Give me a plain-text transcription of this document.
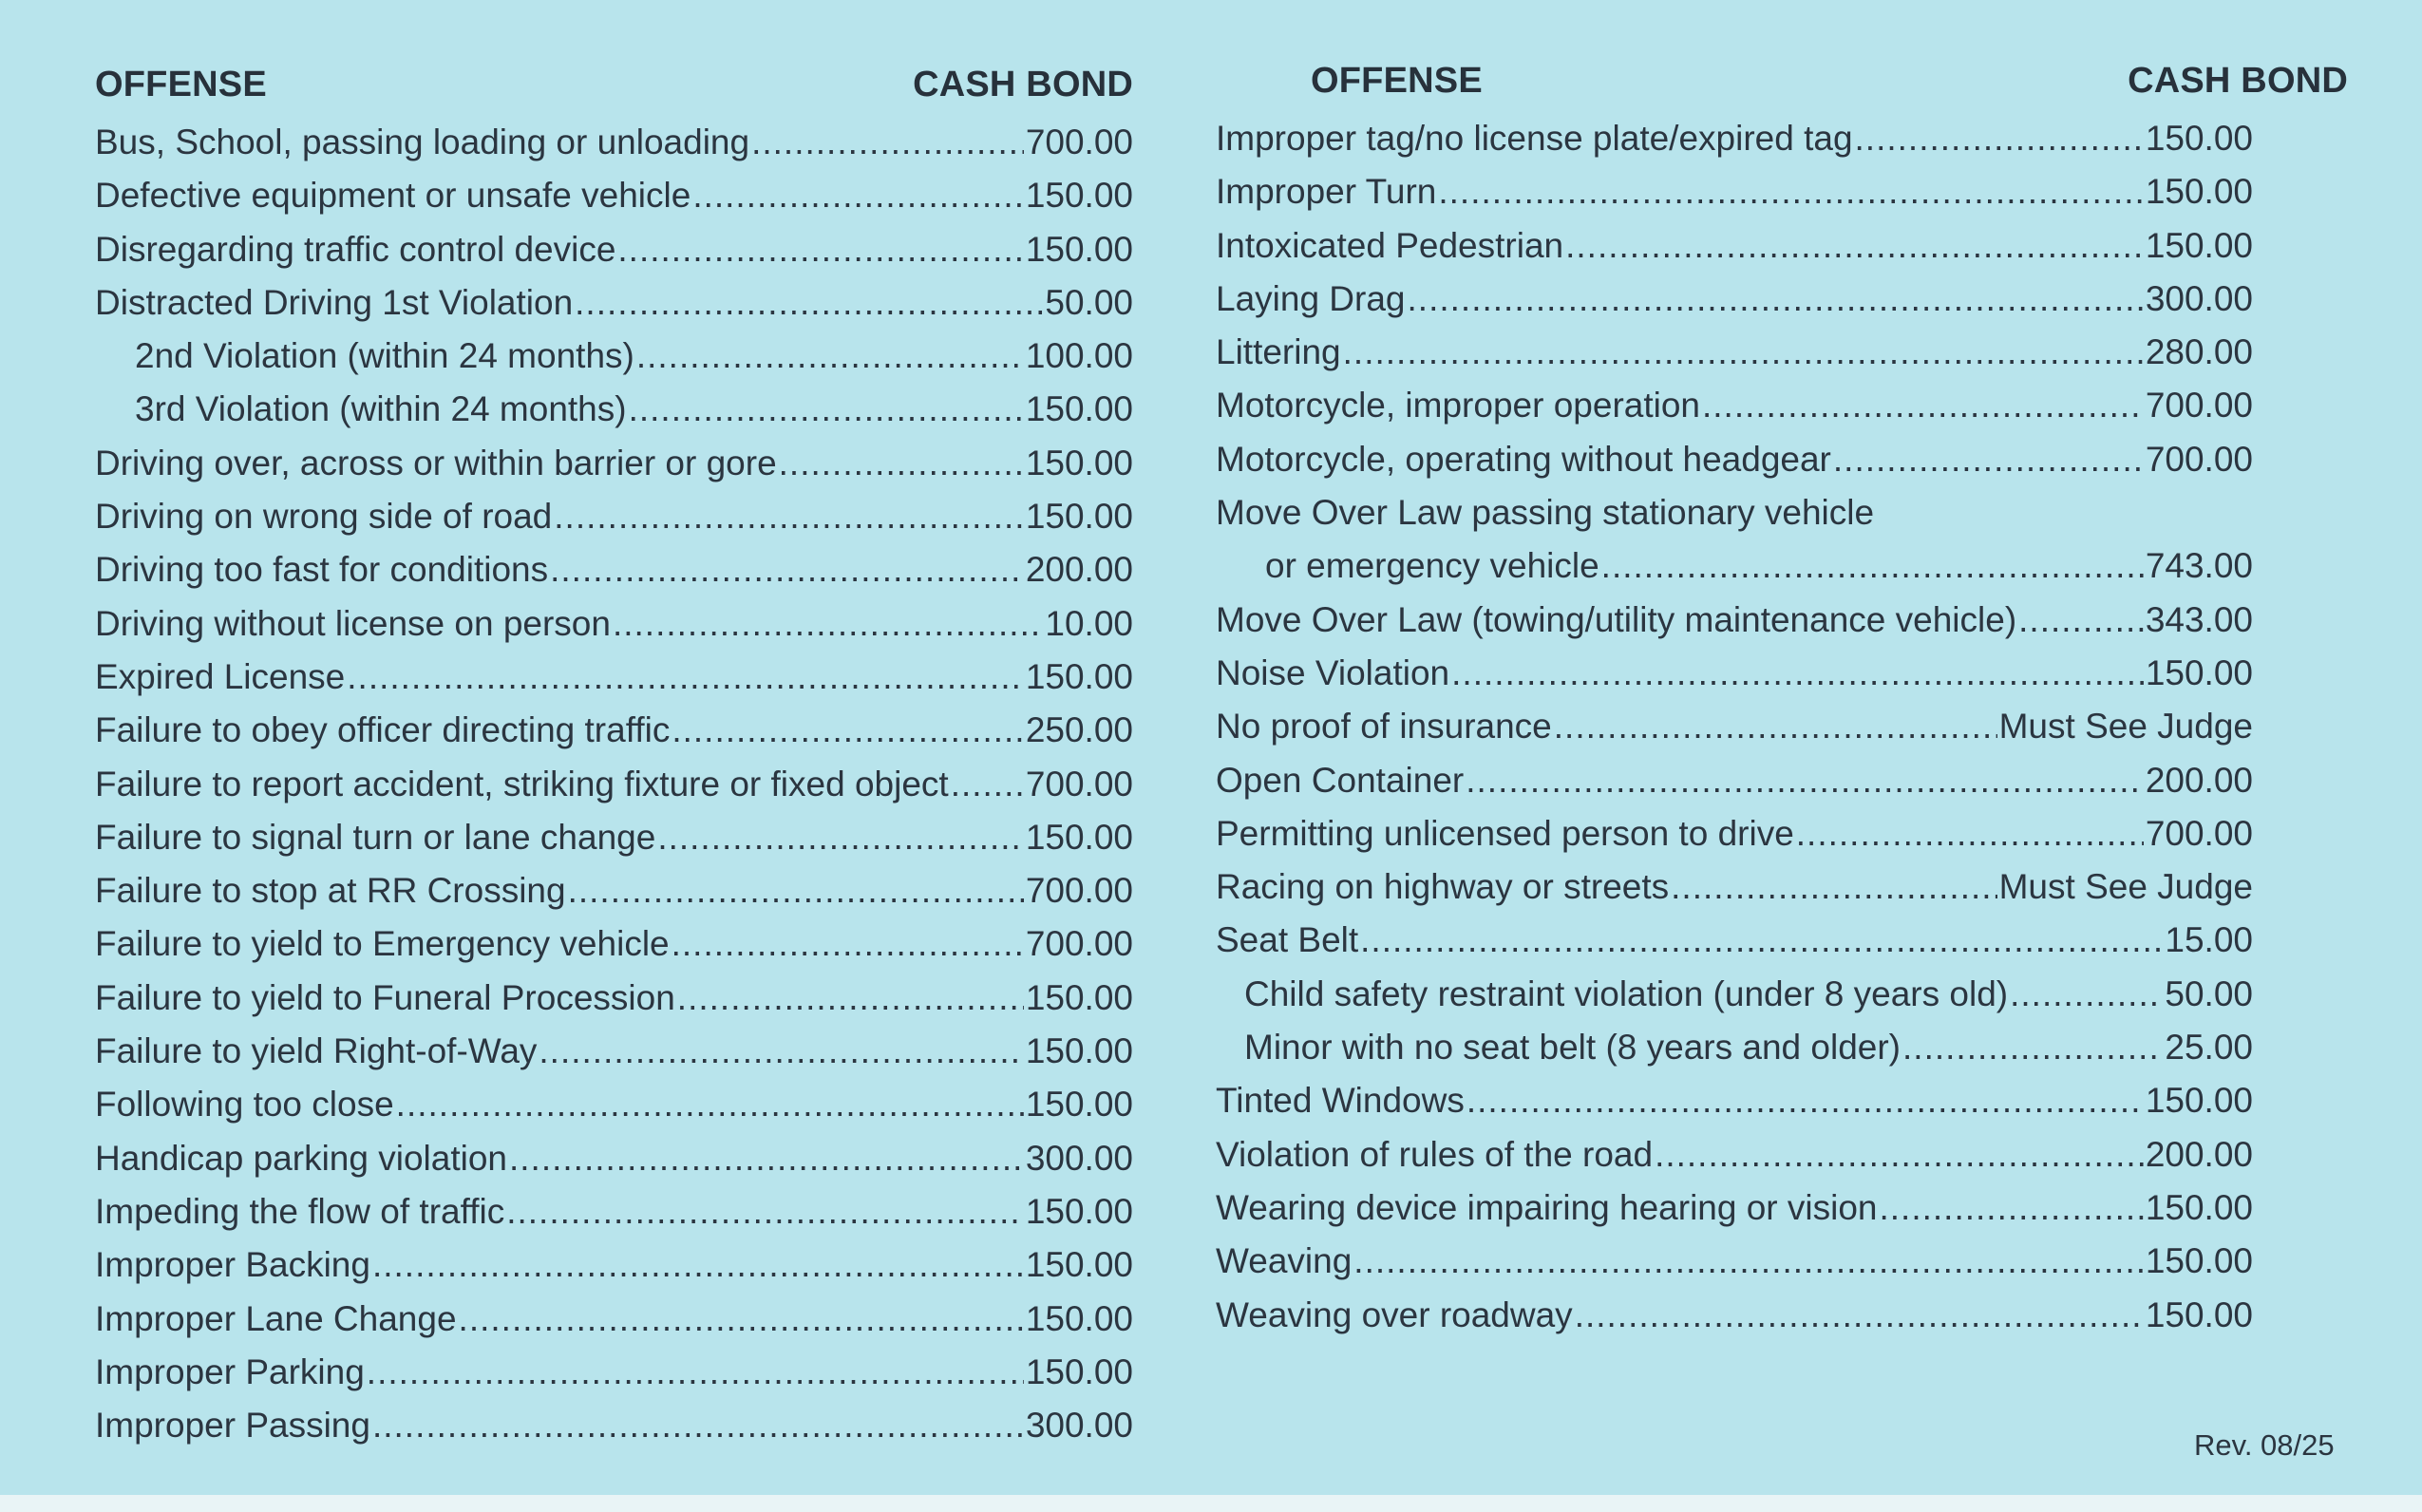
OFFENSE	CASH BOND
Bus, School, passing loading or unloading .....	700.00
Defective equipment or unsafe vehicle .....	150.00
Disregarding traffic control device .....	150.00
Distracted Driving 1st Violation .....	50.00
2nd Violation (within 24 months) .....	100.00
3rd Violation (within 24 months) .....	150.00
Driving over, across or within barrier or gore .....	150.00
Driving on wrong side of road .....	150.00
Driving too fast for conditions .....	200.00
Driving without license on person .....	10.00
Expired License .....	150.00
Failure to obey officer directing traffic .....	250.00
Failure to report accident, striking fixture or fixed object ..... 700.00
Failure to signal turn or lane change .....	150.00
Failure to stop at RR Crossing .....	700.00
Failure to yield to Emergency vehicle .....	700.00
Failure to yield to Funeral Procession .....	150.00
Failure to yield Right-of-Way .....	150.00
Following too close .....	150.00
Handicap parking violation .....	300.00
Impeding the flow of traffic .....	150.00
Improper Backing .....	150.00
Improper Lane Change .....	150.00
Improper Parking .....	150.00
Improper Passing .....	300.00
OFFENSE	CASH BOND
Improper tag/no license plate/expired tag .....	150.00
Improper Turn .....	150.00
Intoxicated Pedestrian .....	150.00
Laying Drag .....	300.00
Littering .....	280.00
Motorcycle, improper operation .....	700.00
Motorcycle, operating without headgear .....	700.00
Move Over Law passing stationary vehicle
or emergency vehicle .....	743.00
Move Over Law (towing/utility maintenance vehicle) .....	343.00
Noise Violation .....	150.00
No proof of insurance .....	Must See Judge
Open Container .....	200.00
Permitting unlicensed person to drive .....	700.00
Racing on highway or streets .....	Must See Judge
Seat Belt .....	15.00
Child safety restraint violation (under 8 years old) .....	50.00
Minor with no seat belt (8 years and older) .....	25.00
Tinted Windows .....	150.00
Violation of rules of the road .....	200.00
Wearing device impairing hearing or vision .....	150.00
Weaving .....	150.00
Weaving over roadway .....	150.00
Rev. 08/25
